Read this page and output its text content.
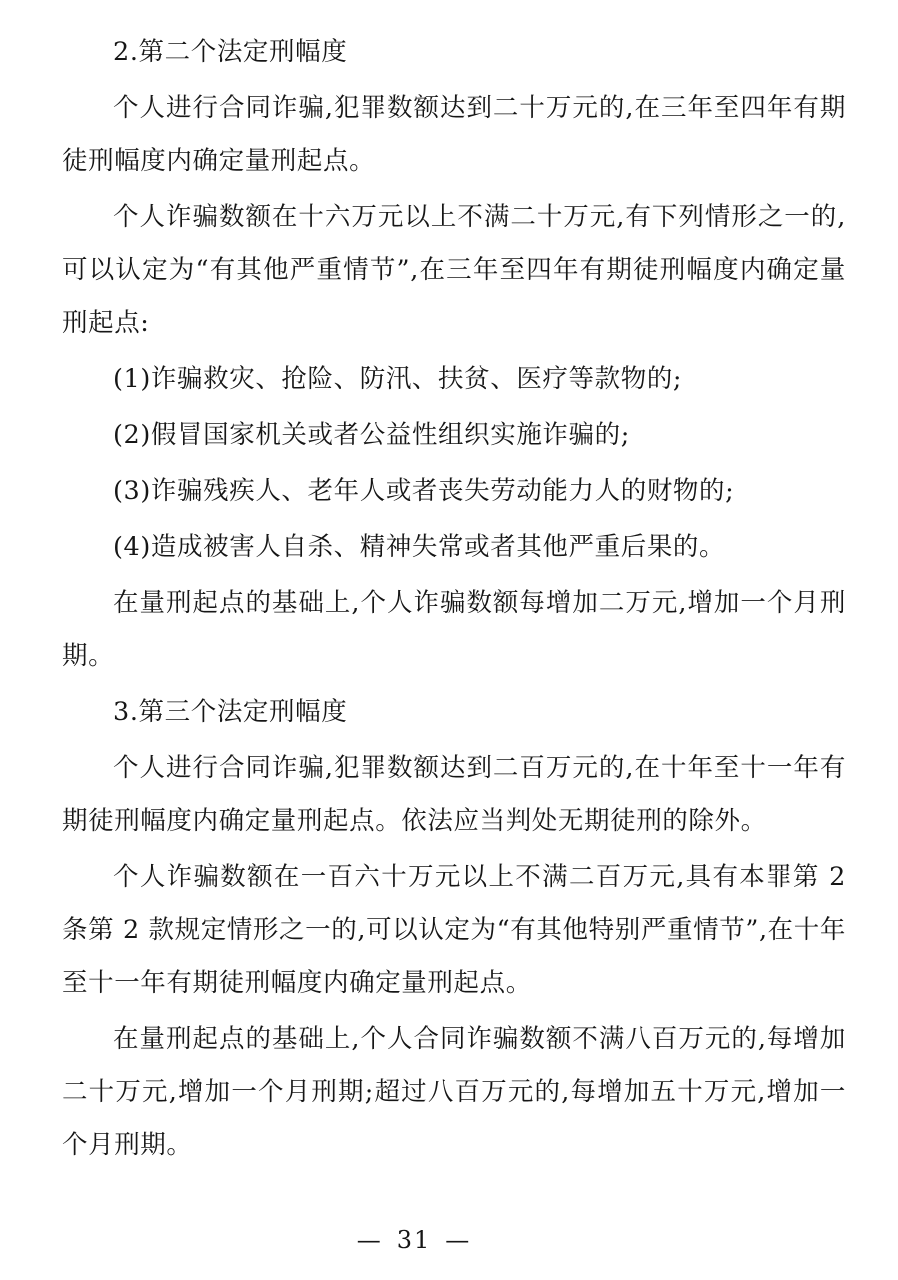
2.第二个法定刑幅度

个人进行合同诈骗,犯罪数额达到二十万元的,在三年至四年有期徒刑幅度内确定量刑起点。

个人诈骗数额在十六万元以上不满二十万元,有下列情形之一的,可以认定为“有其他严重情节”,在三年至四年有期徒刑幅度内确定量刑起点:

(1)诈骗救灾、抢险、防汛、扶贫、医疗等款物的;

(2)假冒国家机关或者公益性组织实施诈骗的;

(3)诈骗残疾人、老年人或者丧失劳动能力人的财物的;

(4)造成被害人自杀、精神失常或者其他严重后果的。

在量刑起点的基础上,个人诈骗数额每增加二万元,增加一个月刑期。

3.第三个法定刑幅度

个人进行合同诈骗,犯罪数额达到二百万元的,在十年至十一年有期徒刑幅度内确定量刑起点。依法应当判处无期徒刑的除外。

个人诈骗数额在一百六十万元以上不满二百万元,具有本罪第 2 条第 2 款规定情形之一的,可以认定为“有其他特别严重情节”,在十年至十一年有期徒刑幅度内确定量刑起点。

在量刑起点的基础上,个人合同诈骗数额不满八百万元的,每增加二十万元,增加一个月刑期;超过八百万元的,每增加五十万元,增加一个月刑期。

— 31 —
